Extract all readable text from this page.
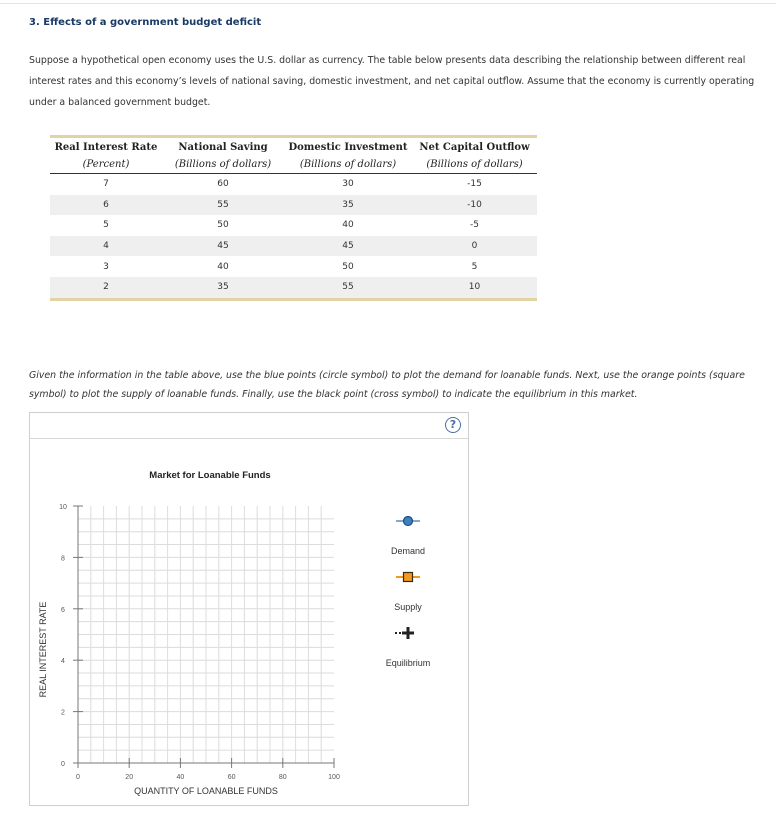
3. Effects of a government budget deficit
Suppose a hypothetical open economy uses the U.S. dollar as currency. The table below presents data describing the relationship between different real interest rates and this economy’s levels of national saving, domestic investment, and net capital outflow. Assume that the economy is currently operating under a balanced government budget.
Real Interest Rate	National Saving	Domestic Investment	Net Capital Outflow
(Percent)	(Billions of dollars)	(Billions of dollars)	(Billions of dollars)
7	60	30	-15
6	55	35	-10
5	50	40	-5
4	45	45	0
3	40	50	5
2	35	55	10
Given the information in the table above, use the blue points (circle symbol) to plot the demand for loanable funds. Next, use the orange points (square symbol) to plot the supply of loanable funds. Finally, use the black point (cross symbol) to indicate the equilibrium in this market.
?
Market for Loanable Funds
0	20	40	60	80	100
0
2
4
6
8
10
QUANTITY OF LOANABLE FUNDS
REAL INTEREST RATE
Demand
Supply
Equilibrium
